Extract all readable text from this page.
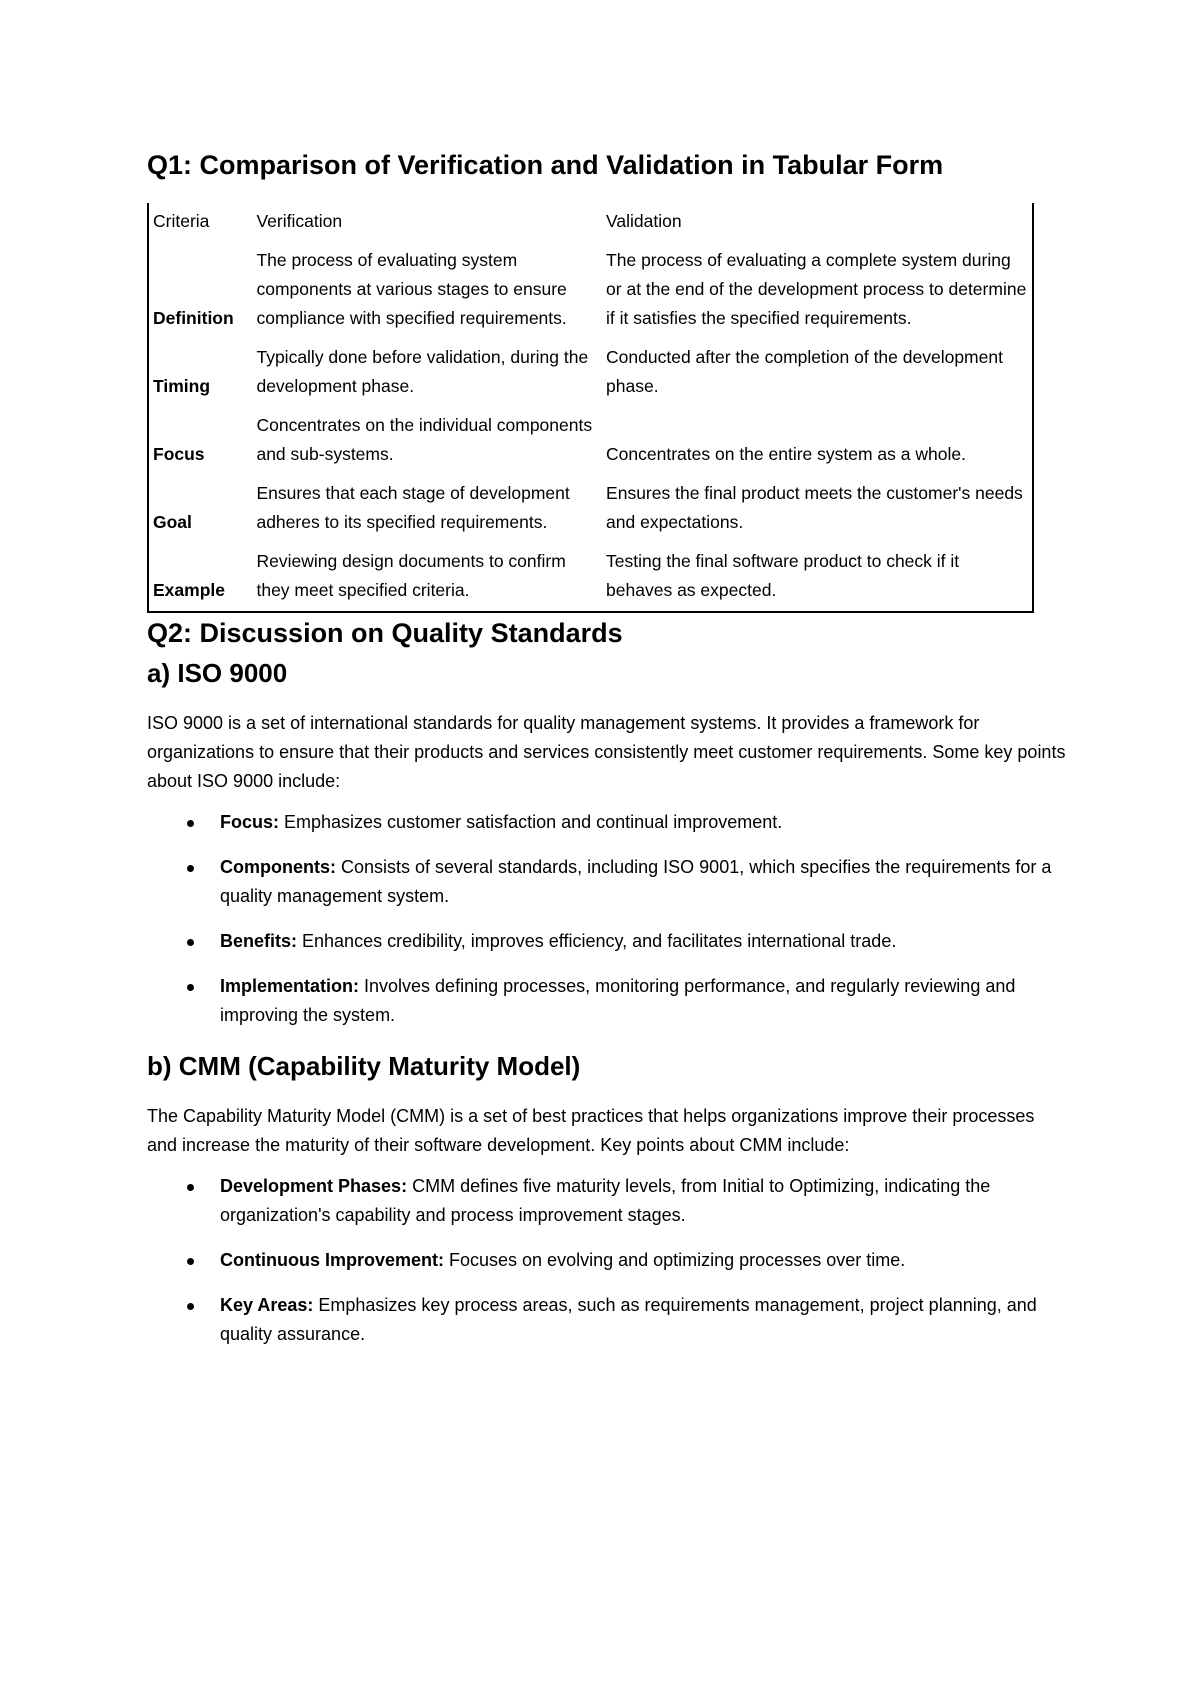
Q1: Comparison of Verification and Validation in Tabular Form
Criteria	Verification	Validation
Definition	The process of evaluating system components at various stages to ensure compliance with specified requirements.	The process of evaluating a complete system during or at the end of the development process to determine if it satisfies the specified requirements.
Timing	Typically done before validation, during the development phase.	Conducted after the completion of the development phase.
Focus	Concentrates on the individual components and sub-systems.	Concentrates on the entire system as a whole.
Goal	Ensures that each stage of development adheres to its specified requirements.	Ensures the final product meets the customer's needs and expectations.
Example	Reviewing design documents to confirm they meet specified criteria.	Testing the final software product to check if it behaves as expected.
Q2: Discussion on Quality Standards
a) ISO 9000

ISO 9000 is a set of international standards for quality management systems. It provides a framework for organizations to ensure that their products and services consistently meet customer requirements. Some key points about ISO 9000 include:

Focus: Emphasizes customer satisfaction and continual improvement.
Components: Consists of several standards, including ISO 9001, which specifies the requirements for a quality management system.
Benefits: Enhances credibility, improves efficiency, and facilitates international trade.
Implementation: Involves defining processes, monitoring performance, and regularly reviewing and improving the system.
b) CMM (Capability Maturity Model)

The Capability Maturity Model (CMM) is a set of best practices that helps organizations improve their processes and increase the maturity of their software development. Key points about CMM include:

Development Phases: CMM defines five maturity levels, from Initial to Optimizing, indicating the organization's capability and process improvement stages.
Continuous Improvement: Focuses on evolving and optimizing processes over time.
Key Areas: Emphasizes key process areas, such as requirements management, project planning, and quality assurance.
